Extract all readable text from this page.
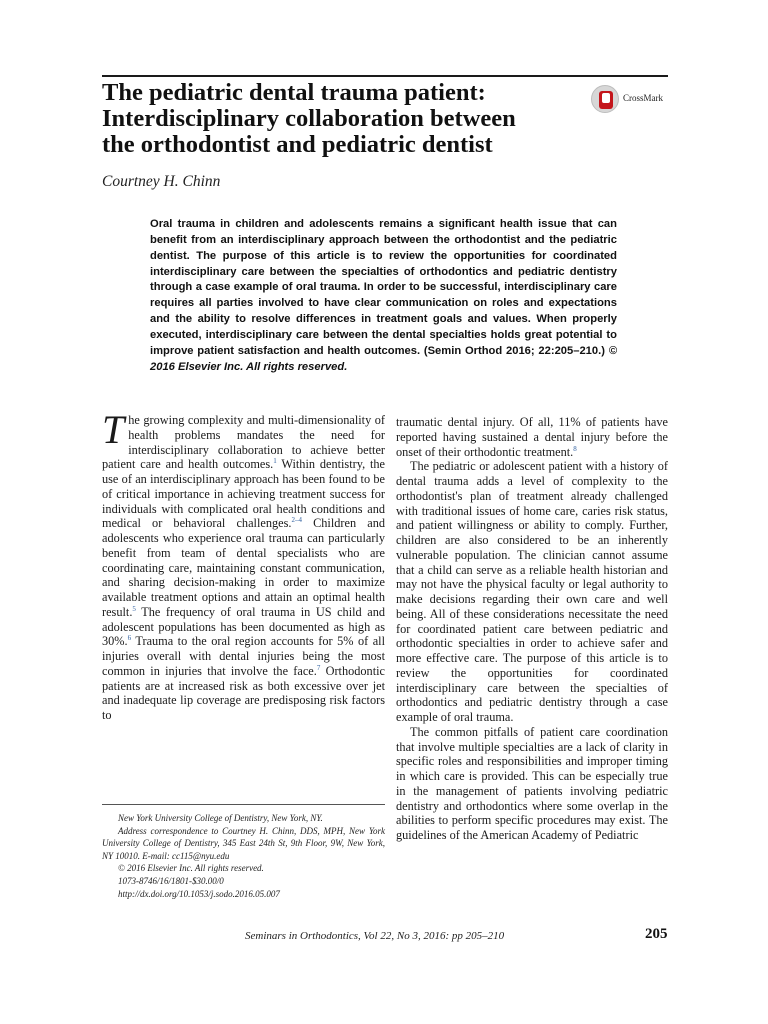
The pediatric dental trauma patient:
Interdisciplinary collaboration between
the orthodontist and pediatric dentist
CrossMark
Courtney H. Chinn
Oral trauma in children and adolescents remains a significant health issue that can benefit from an interdisciplinary approach between the orthodontist and the pediatric dentist. The purpose of this article is to review the opportunities for coordinated interdisciplinary care between the specialties of orthodontics and pediatric dentistry through a case example of oral trauma. In order to be successful, interdisciplinary care requires all parties involved to have clear communication on roles and expectations and the ability to resolve differences in treatment goals and values. When properly executed, interdisciplinary care between the dental specialties holds great potential to improve patient satisfaction and health outcomes. (Semin Orthod 2016; 22:205–210.) © 2016 Elsevier Inc. All rights reserved.

The growing complexity and multi-dimensionality of health problems mandates the need for interdisciplinary collaboration to achieve better patient care and health outcomes.$^1$ Within dentistry, the use of an interdisciplinary approach has been found to be of critical importance in achieving treatment success for individuals with complicated oral health conditions and medical or behavioral challenges.$^{2-4}$ Children and adolescents who experience oral trauma can particularly benefit from team of dental specialists who are coordinating care, maintaining constant communication, and sharing decision-making in order to maximize available treatment options and attain an optimal health result.$^5$ The frequency of oral trauma in US child and adolescent populations has been documented as high as 30%.$^6$ Trauma to the oral region accounts for 5% of all injuries overall with dental injuries being the most common in injuries that involve the face.$^7$ Orthodontic patients are at increased risk as both excessive over jet and inadequate lip coverage are predisposing risk factors to

New York University College of Dentistry, New York, NY.

Address correspondence to Courtney H. Chinn, DDS, MPH, New York University College of Dentistry, 345 East 24th St, 9th Floor, 9W, New York, NY 10010. E-mail: cc115@nyu.edu

© 2016 Elsevier Inc. All rights reserved.

1073-8746/16/1801-$30.00/0

http://dx.doi.org/10.1053/j.sodo.2016.05.007

traumatic dental injury. Of all, 11% of patients have reported having sustained a dental injury before the onset of their orthodontic treatment.$^8$

The pediatric or adolescent patient with a history of dental trauma adds a level of complexity to the orthodontist's plan of treatment already challenged with traditional issues of home care, caries risk status, and patient willingness or ability to comply. Further, children are also considered to be an inherently vulnerable population. The clinician cannot assume that a child can serve as a reliable health historian and may not have the physical faculty or legal authority to make decisions regarding their own care and well being. All of these considerations necessitate the need for coordinated patient care between pediatric and orthodontic specialties in order to achieve safer and more effective care. The purpose of this article is to review the opportunities for coordinated interdisciplinary care between the specialties of orthodontics and pediatric dentistry through a case example of oral trauma.

The common pitfalls of patient care coordination that involve multiple specialties are a lack of clarity in specific roles and responsibilities and improper timing in which care is provided. This can be especially true in the management of patients involving pediatric dentistry and orthodontics where some overlap in the abilities to perform specific procedures may exist. The guidelines of the American Academy of Pediatric

Seminars in Orthodontics, Vol 22, No 3, 2016: pp 205–210	205
